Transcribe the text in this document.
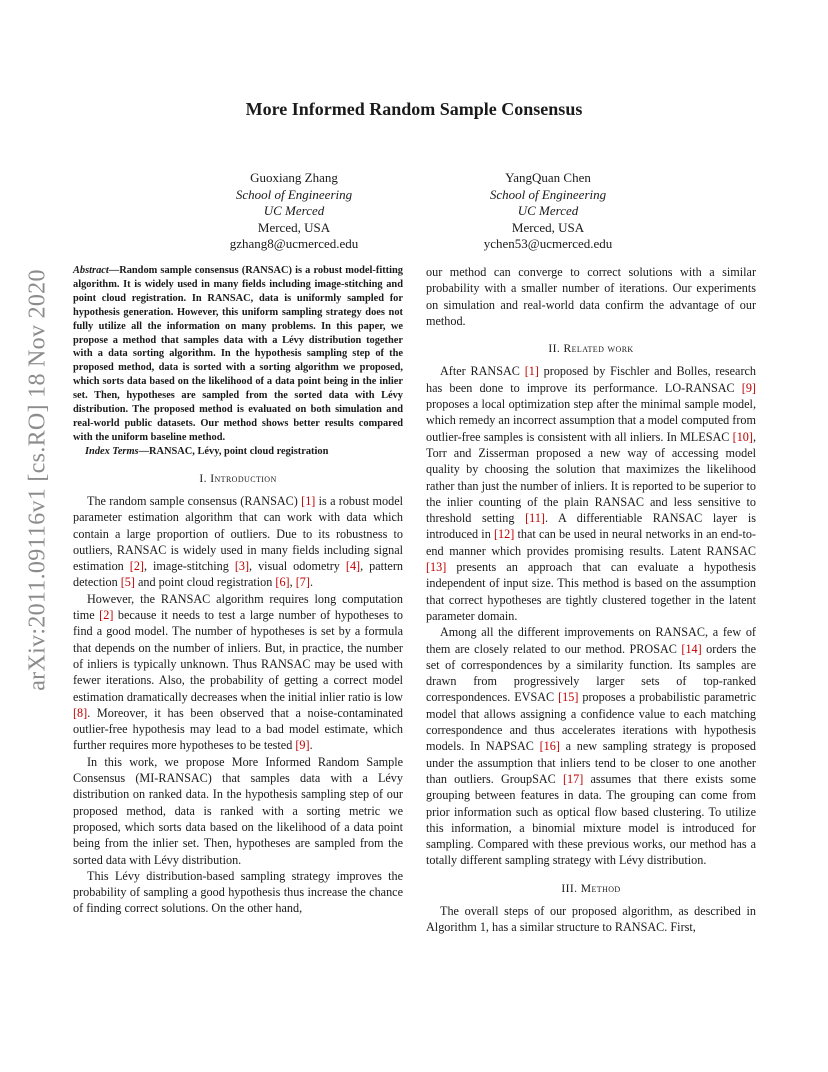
More Informed Random Sample Consensus
Guoxiang Zhang
School of Engineering
UC Merced
Merced, USA
gzhang8@ucmerced.edu
YangQuan Chen
School of Engineering
UC Merced
Merced, USA
ychen53@ucmerced.edu
arXiv:2011.09116v1 [cs.RO] 18 Nov 2020 Abstract—Random sample consensus (RANSAC) is a robust model-fitting algorithm. It is widely used in many fields including image-stitching and point cloud registration. In RANSAC, data is uniformly sampled for hypothesis generation. However, this uniform sampling strategy does not fully utilize all the information on many problems. In this paper, we propose a method that samples data with a Lévy distribution together with a data sorting algorithm. In the hypothesis sampling step of the proposed method, data is sorted with a sorting algorithm we proposed, which sorts data based on the likelihood of a data point being in the inlier set. Then, hypotheses are sampled from the sorted data with Lévy distribution. The proposed method is evaluated on both simulation and real-world public datasets. Our method shows better results compared with the uniform baseline method.

Index Terms—RANSAC, Lévy, point cloud registration

I. Introduction

The random sample consensus (RANSAC) [1] is a robust model parameter estimation algorithm that can work with data which contain a large proportion of outliers. Due to its robustness to outliers, RANSAC is widely used in many fields including signal estimation [2], image-stitching [3], visual odometry [4], pattern detection [5] and point cloud registration [6], [7].

However, the RANSAC algorithm requires long computation time [2] because it needs to test a large number of hypotheses to find a good model. The number of hypotheses is set by a formula that depends on the number of inliers. But, in practice, the number of inliers is typically unknown. Thus RANSAC may be used with fewer iterations. Also, the probability of getting a correct model estimation dramatically decreases when the initial inlier ratio is low [8]. Moreover, it has been observed that a noise-contaminated outlier-free hypothesis may lead to a bad model estimate, which further requires more hypotheses to be tested [9].

In this work, we propose More Informed Random Sample Consensus (MI-RANSAC) that samples data with a Lévy distribution on ranked data. In the hypothesis sampling step of our proposed method, data is ranked with a sorting metric we proposed, which sorts data based on the likelihood of a data point being from the inlier set. Then, hypotheses are sampled from the sorted data with Lévy distribution.

This Lévy distribution-based sampling strategy improves the probability of sampling a good hypothesis thus increase the chance of finding correct solutions. On the other hand,

our method can converge to correct solutions with a similar probability with a smaller number of iterations. Our experiments on simulation and real-world data confirm the advantage of our method.

II. Related work

After RANSAC [1] proposed by Fischler and Bolles, research has been done to improve its performance. LO-RANSAC [9] proposes a local optimization step after the minimal sample model, which remedy an incorrect assumption that a model computed from outlier-free samples is consistent with all inliers. In MLESAC [10], Torr and Zisserman proposed a new way of accessing model quality by choosing the solution that maximizes the likelihood rather than just the number of inliers. It is reported to be superior to the inlier counting of the plain RANSAC and less sensitive to threshold setting [11]. A differentiable RANSAC layer is introduced in [12] that can be used in neural networks in an end-to-end manner which provides promising results. Latent RANSAC [13] presents an approach that can evaluate a hypothesis independent of input size. This method is based on the assumption that correct hypotheses are tightly clustered together in the latent parameter domain.

Among all the different improvements on RANSAC, a few of them are closely related to our method. PROSAC [14] orders the set of correspondences by a similarity function. Its samples are drawn from progressively larger sets of top-ranked correspondences. EVSAC [15] proposes a probabilistic parametric model that allows assigning a confidence value to each matching correspondence and thus accelerates iterations with hypothesis models. In NAPSAC [16] a new sampling strategy is proposed under the assumption that inliers tend to be closer to one another than outliers. GroupSAC [17] assumes that there exists some grouping between features in data. The grouping can come from prior information such as optical flow based clustering. To utilize this information, a binomial mixture model is introduced for sampling. Compared with these previous works, our method has a totally different sampling strategy with Lévy distribution.

III. Method

The overall steps of our proposed algorithm, as described in Algorithm 1, has a similar structure to RANSAC. First,
